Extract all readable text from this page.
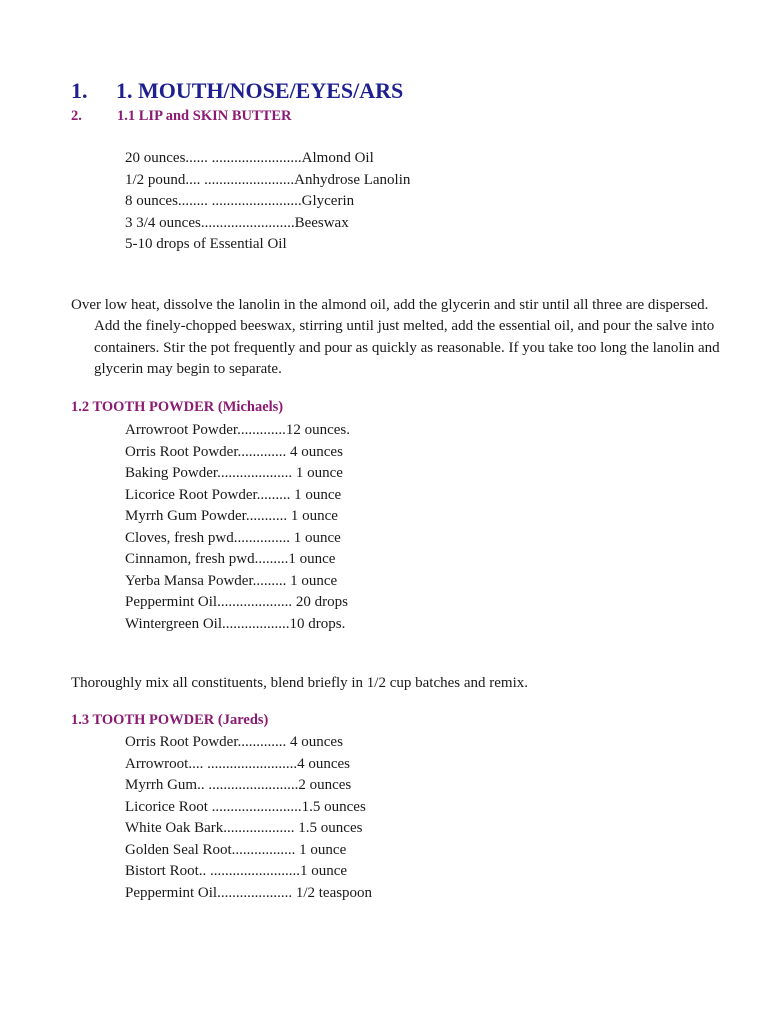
1. 1. MOUTH/NOSE/EYES/ARS
2. 1.1 LIP and SKIN BUTTER
20 ounces...... ........................Almond Oil
1/2 pound.... ........................Anhydrose Lanolin
8 ounces........ ........................Glycerin
3 3/4 ounces.........................Beeswax
5-10 drops of Essential Oil

Over low heat, dissolve the lanolin in the almond oil, add the glycerin and stir until all three are dispersed. Add the finely-chopped beeswax, stirring until just melted, add the essential oil, and pour the salve into containers. Stir the pot frequently and pour as quickly as reasonable. If you take too long the lanolin and glycerin may begin to separate.

1.2 TOOTH POWDER (Michaels)
Arrowroot Powder.............12 ounces.
Orris Root Powder............. 4 ounces
Baking Powder.................... 1 ounce
Licorice Root Powder......... 1 ounce
Myrrh Gum Powder........... 1 ounce
Cloves, fresh pwd............... 1 ounce
Cinnamon, fresh pwd.........1 ounce
Yerba Mansa Powder......... 1 ounce
Peppermint Oil.................... 20 drops
Wintergreen Oil..................10 drops.

Thoroughly mix all constituents, blend briefly in 1/2 cup batches and remix.

1.3 TOOTH POWDER (Jareds)
Orris Root Powder............. 4 ounces
Arrowroot.... ........................4 ounces
Myrrh Gum.. ........................2 ounces
Licorice Root ........................1.5 ounces
White Oak Bark................... 1.5 ounces
Golden Seal Root................. 1 ounce
Bistort Root.. ........................1 ounce
Peppermint Oil.................... 1/2 teaspoon
